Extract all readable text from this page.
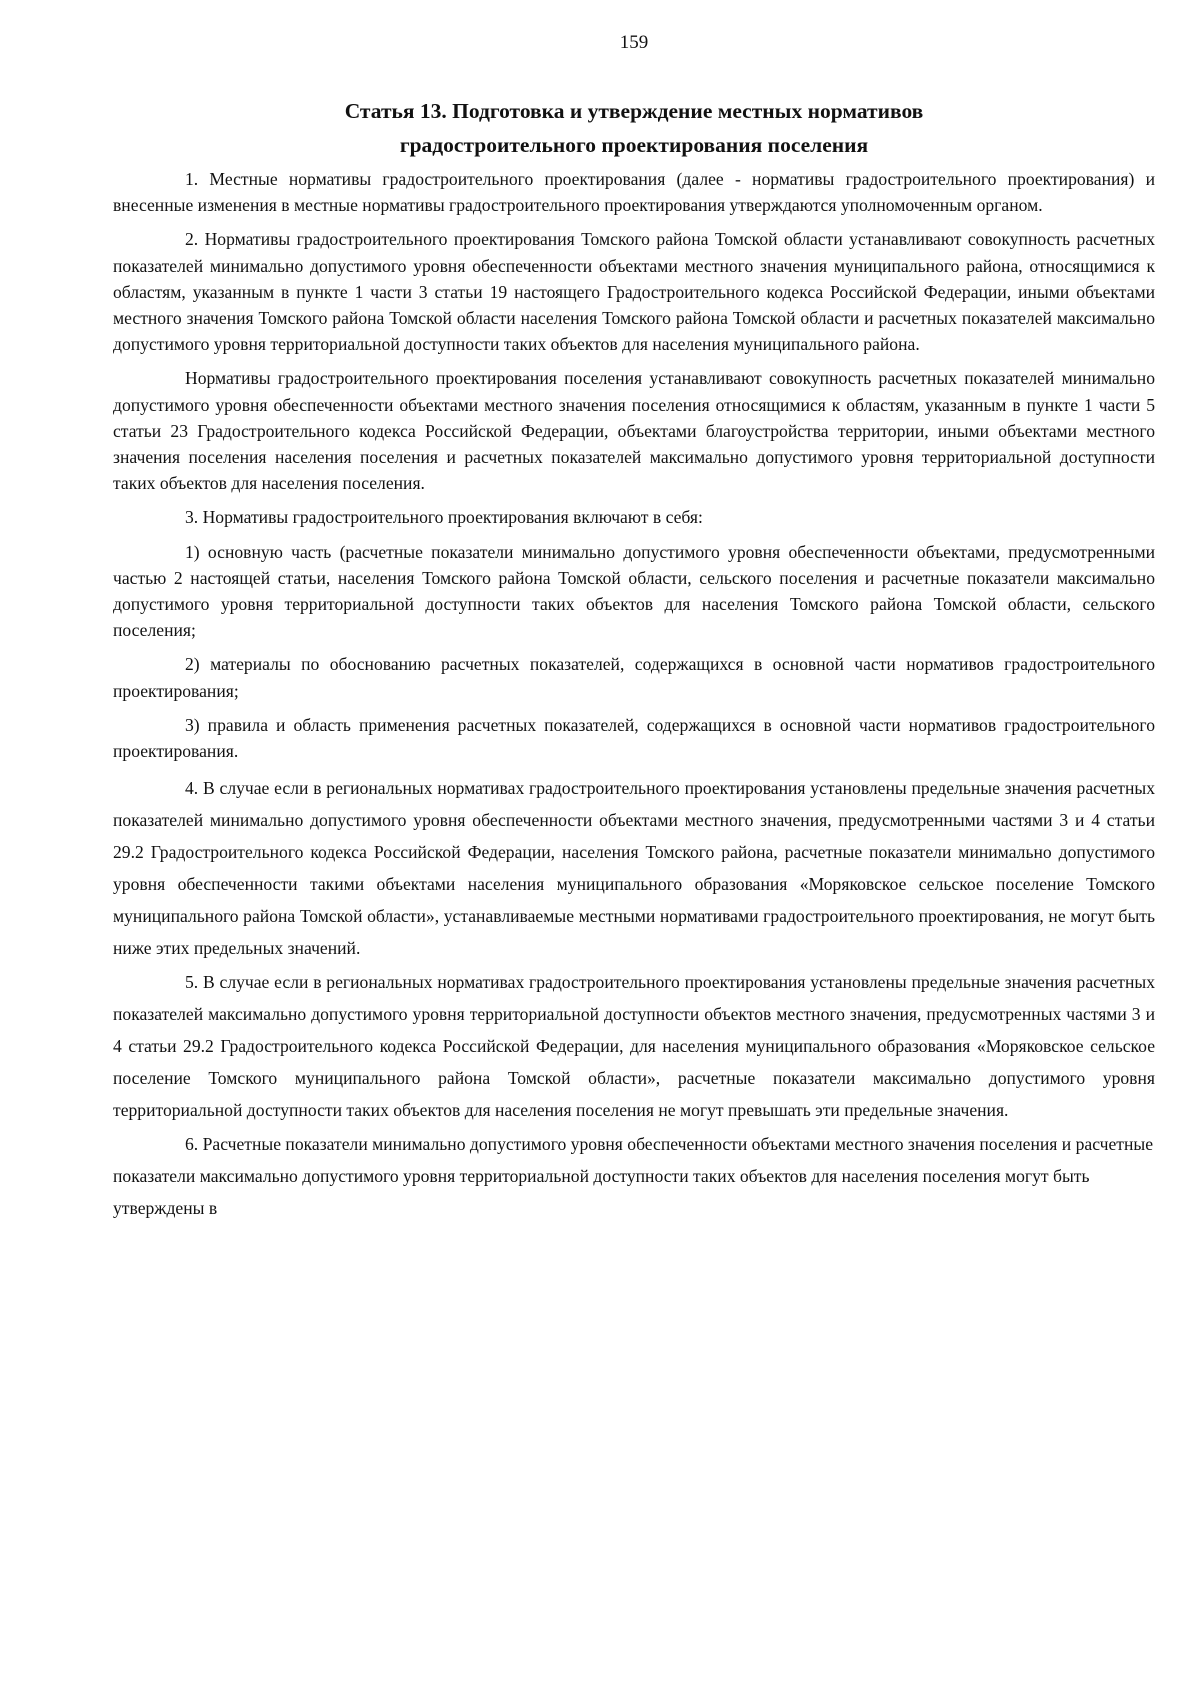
159
Статья 13. Подготовка и утверждение местных нормативов
градостроительного проектирования поселения

1. Местные нормативы градостроительного проектирования (далее - нормативы градостроительного проектирования) и внесенные изменения в местные нормативы градостроительного проектирования утверждаются уполномоченным органом.

2. Нормативы градостроительного проектирования Томского района Томской области устанавливают совокупность расчетных показателей минимально допустимого уровня обеспеченности объектами местного значения муниципального района, относящимися к областям, указанным в пункте 1 части 3 статьи 19 настоящего Градостроительного кодекса Российской Федерации, иными объектами местного значения Томского района Томской области населения Томского района Томской области и расчетных показателей максимально допустимого уровня территориальной доступности таких объектов для населения муниципального района.

Нормативы градостроительного проектирования поселения устанавливают совокупность расчетных показателей минимально допустимого уровня обеспеченности объектами местного значения поселения относящимися к областям, указанным в пункте 1 части 5 статьи 23 Градостроительного кодекса Российской Федерации, объектами благоустройства территории, иными объектами местного значения поселения населения поселения и расчетных показателей максимально допустимого уровня территориальной доступности таких объектов для населения поселения.

3. Нормативы градостроительного проектирования включают в себя:

1) основную часть (расчетные показатели минимально допустимого уровня обеспеченности объектами, предусмотренными частью 2 настоящей статьи, населения Томского района Томской области, сельского поселения и расчетные показатели максимально допустимого уровня территориальной доступности таких объектов для населения Томского района Томской области, сельского поселения;

2) материалы по обоснованию расчетных показателей, содержащихся в основной части нормативов градостроительного проектирования;

3) правила и область применения расчетных показателей, содержащихся в основной части нормативов градостроительного проектирования.

4. В случае если в региональных нормативах градостроительного проектирования установлены предельные значения расчетных показателей минимально допустимого уровня обеспеченности объектами местного значения, предусмотренными частями 3 и 4 статьи 29.2 Градостроительного кодекса Российской Федерации, населения Томского района, расчетные показатели минимально допустимого уровня обеспеченности такими объектами населения муниципального образования «Моряковское сельское поселение Томского муниципального района Томской области», устанавливаемые местными нормативами градостроительного проектирования, не могут быть ниже этих предельных значений.

5. В случае если в региональных нормативах градостроительного проектирования установлены предельные значения расчетных показателей максимально допустимого уровня территориальной доступности объектов местного значения, предусмотренных частями 3 и 4 статьи 29.2 Градостроительного кодекса Российской Федерации, для населения муниципального образования «Моряковское сельское поселение Томского муниципального района Томской области», расчетные показатели максимально допустимого уровня территориальной доступности таких объектов для населения поселения не могут превышать эти предельные значения.

6. Расчетные показатели минимально допустимого уровня обеспеченности объектами местного значения поселения и расчетные показатели максимально допустимого уровня территориальной доступности таких объектов для населения поселения могут быть утверждены в
